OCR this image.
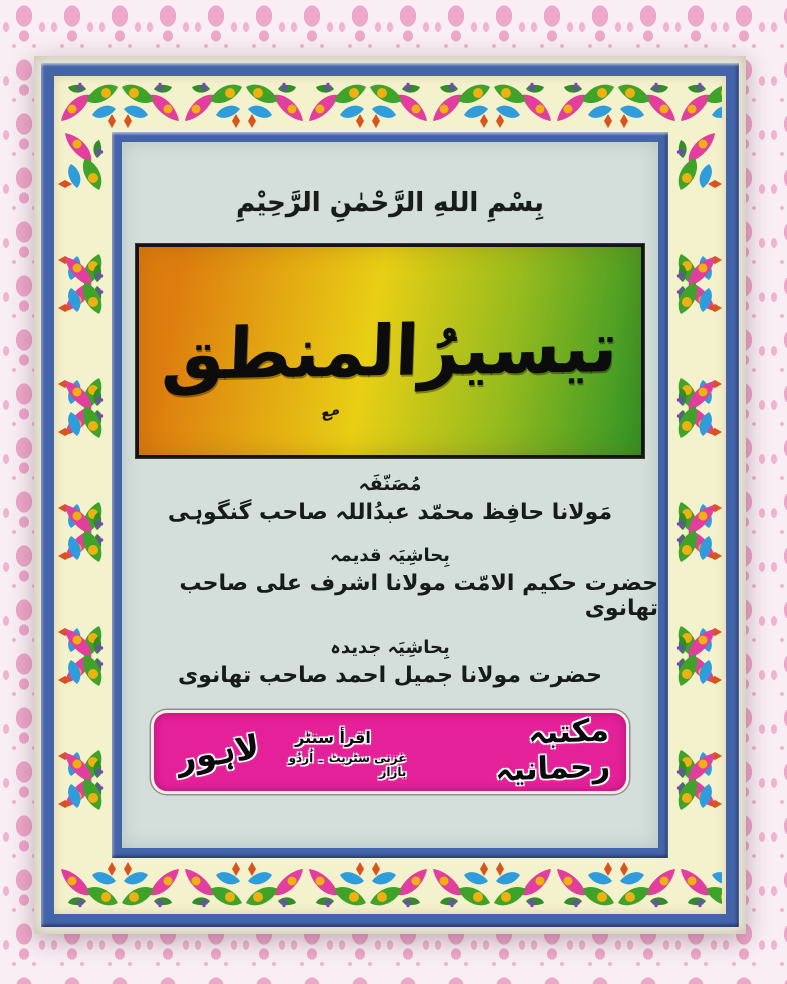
بِسْمِ اللهِ الرَّحْمٰنِ الرَّحِيْمِ
تیسیرُالمنطق
مع
مُصَنّفَہ
مَولانا حافِظ محمّد عبدُاللہ صاحب گنگوہی
بِحاشِیَہ قدیمہ
حضرت حکیم الامّت مولانا اشرف علی صاحب تھانوی
بِحاشِیَہ جدیدہ
حضرت مولانا جمیل احمد صاحب تھانوی
مکتبہ رحمانیہ
اقرأ سنٹر
غزنی سٹریٹ ۔ اُردُو بازار
لاہور
